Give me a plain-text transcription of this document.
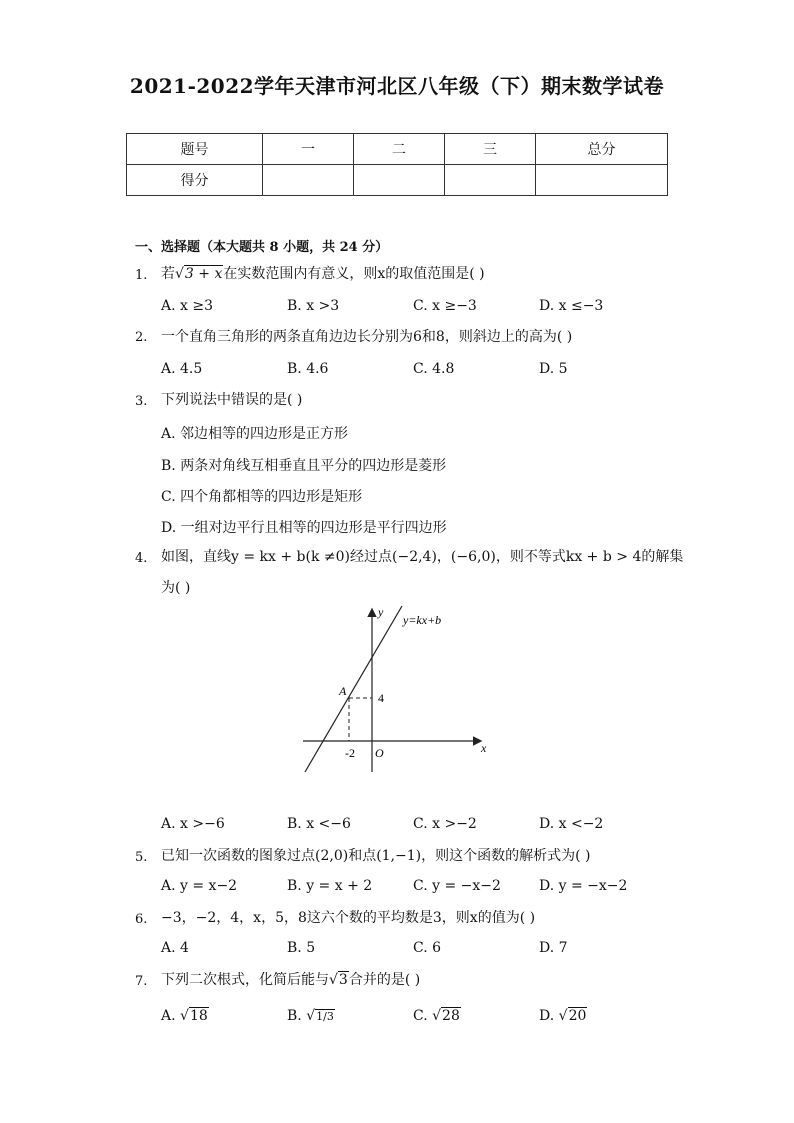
2021-2022学年天津市河北区八年级（下）期末数学试卷
题号	一	二	三	总分
得分				
一、选择题（本大题共 8 小题，共 24 分）
1. 若√3 + x在实数范围内有意义，则x的取值范围是( )
A. x ≥3	B. x >3	C. x ≥−3	D. x ≤−3
2. 一个直角三角形的两条直角边边长分别为6和8，则斜边上的高为( )
A. 4.5	B. 4.6	C. 4.8	D. 5
3. 下列说法中错误的是( )
A. 邻边相等的四边形是正方形
B. 两条对角线互相垂直且平分的四边形是菱形
C. 四个角都相等的四边形是矩形
D. 一组对边平行且相等的四边形是平行四边形
4. 如图，直线y = kx + b(k ≠0)经过点(−2,4)，(−6,0)，则不等式kx + b > 4的解集
为( )
y=kx+b
y
x
A	4
-2 O
A. x >−6	B. x <−6	C. x >−2	D. x <−2
5. 已知一次函数的图象过点(2,0)和点(1,−1)，则这个函数的解析式为( )
A. y = x−2	B. y = x + 2	C. y = −x−2	D. y = −x−2
6. −3，−2，4，x，5，8这六个数的平均数是3，则x的值为( )
A. 4	B. 5	C. 6	D. 7
7. 下列二次根式，化简后能与√3合并的是( )
A. √18	B. √1/3	C. √28	D. √20
